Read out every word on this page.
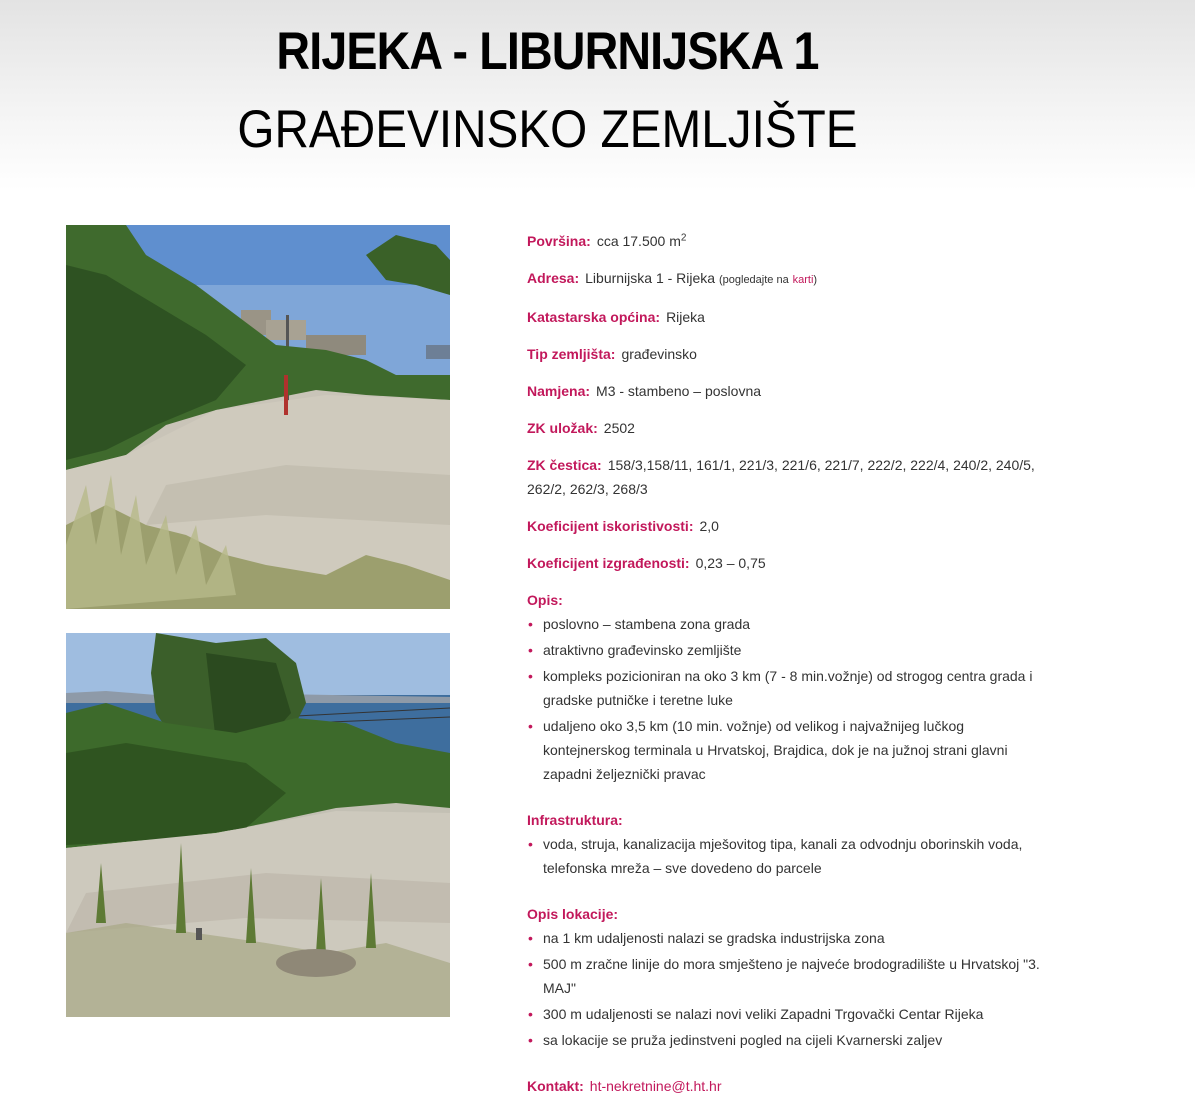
RIJEKA - LIBURNIJSKA 1
GRAĐEVINSKO ZEMLJIŠTE
Površina: cca 17.500 $m^2$
Adresa: Liburnijska 1 - Rijeka (pogledajte na karti)
Katastarska općina: Rijeka
Tip zemljišta: građevinsko
Namjena: M3 - stambeno – poslovna
ZK uložak: 2502
ZK čestica: 158/3,158/11, 161/1, 221/3, 221/6, 221/7, 222/2, 222/4, 240/2, 240/5, 262/2, 262/3, 268/3
Koeficijent iskoristivosti: 2,0
Koeficijent izgrađenosti: 0,23 – 0,75
Opis:
• poslovno – stambena zona grada
• atraktivno građevinsko zemljište
• kompleks pozicioniran na oko 3 km (7 - 8 min.vožnje) od strogog centra grada i gradske putničke i teretne luke
• udaljeno oko 3,5 km (10 min. vožnje) od velikog i najvažnijeg lučkog kontejnerskog terminala u Hrvatskoj, Brajdica, dok je na južnoj strani glavni zapadni željeznički pravac
Infrastruktura:
• voda, struja, kanalizacija mješovitog tipa, kanali za odvodnju oborinskih voda, telefonska mreža – sve dovedeno do parcele
Opis lokacije:
• na 1 km udaljenosti nalazi se gradska industrijska zona
• 500 m zračne linije do mora smješteno je najveće brodogradilište u Hrvatskoj "3. MAJ"
• 300 m udaljenosti se nalazi novi veliki Zapadni Trgovački Centar Rijeka
• sa lokacije se pruža jedinstveni pogled na cijeli Kvarnerski zaljev
Kontakt: ht-nekretnine@t.ht.hr
